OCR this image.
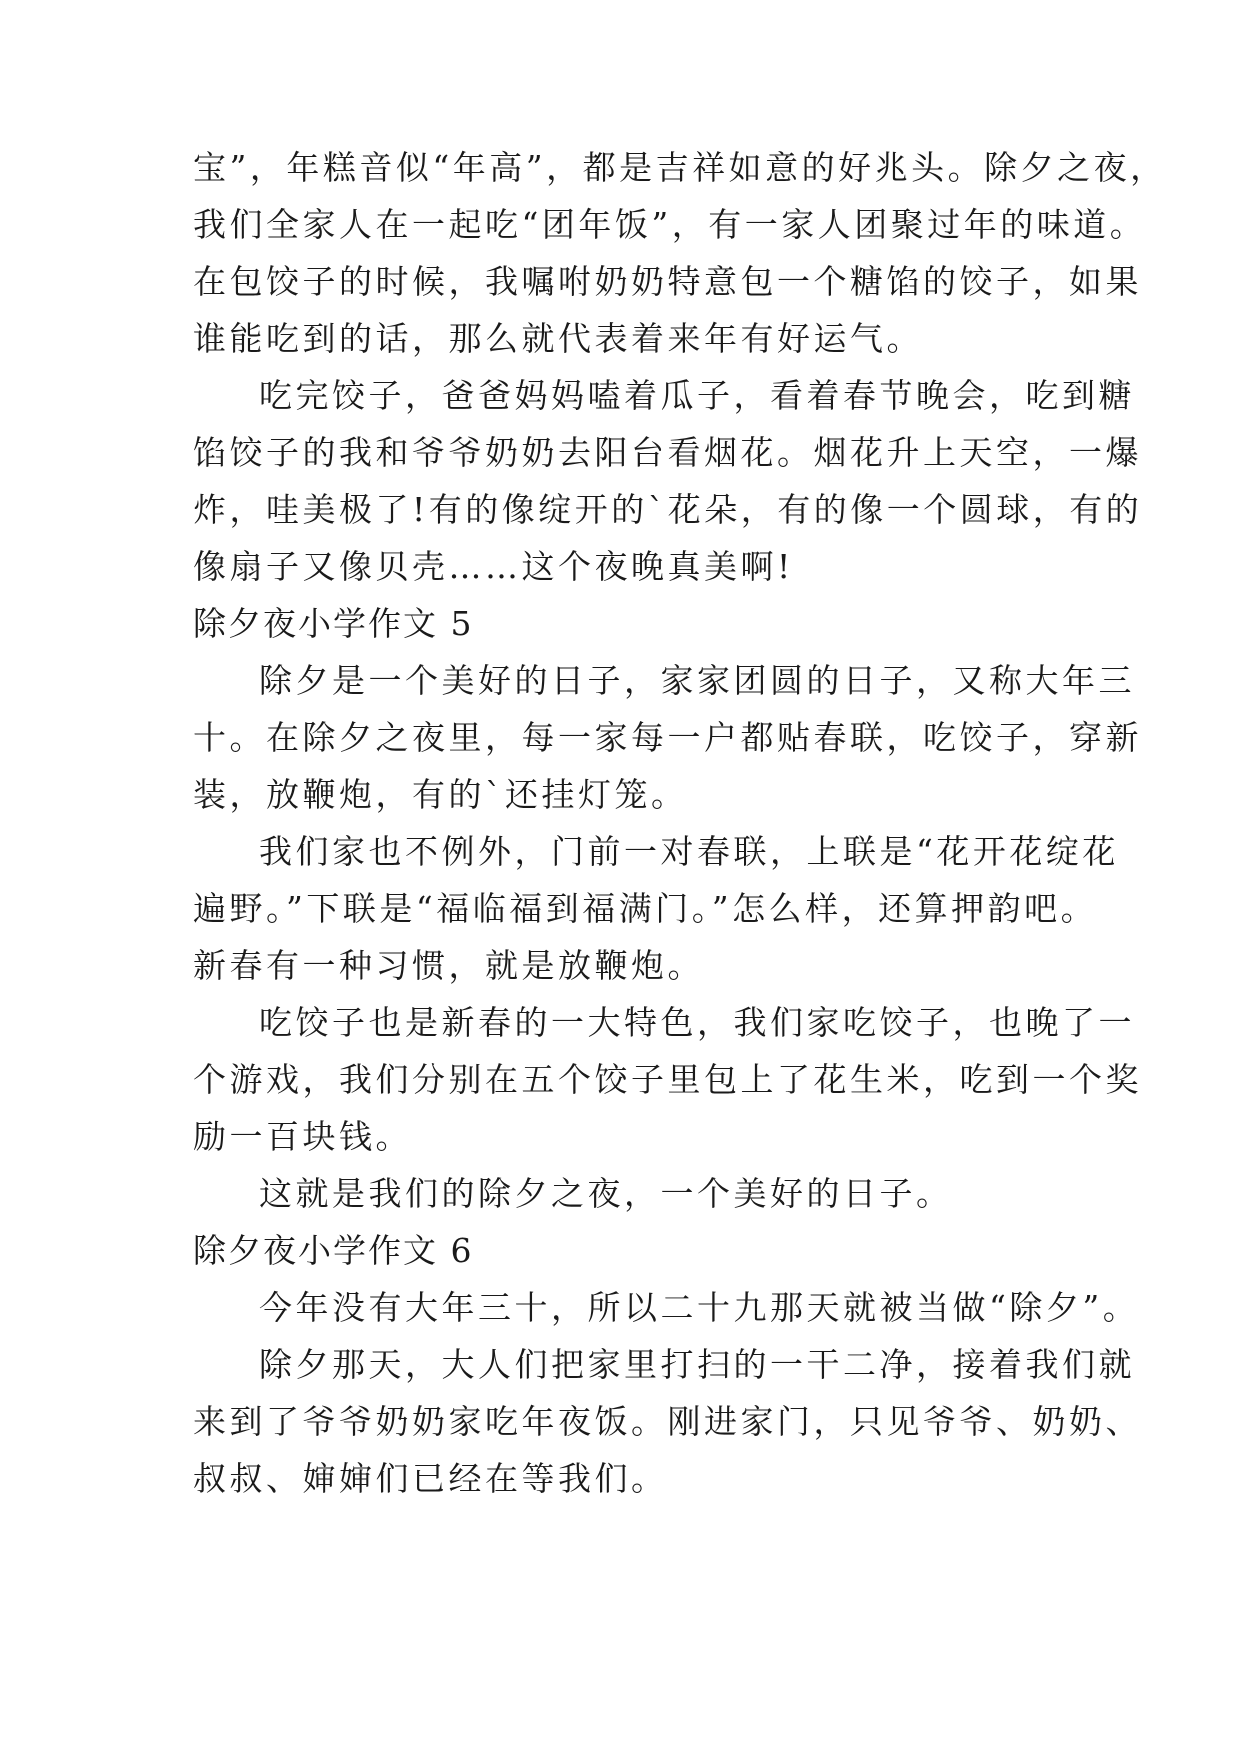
宝”，年糕音似“年高”，都是吉祥如意的好兆头。除夕之夜，
我们全家人在一起吃“团年饭”，有一家人团聚过年的味道。
在包饺子的时候，我嘱咐奶奶特意包一个糖馅的饺子，如果
谁能吃到的话，那么就代表着来年有好运气。
吃完饺子，爸爸妈妈嗑着瓜子，看着春节晚会，吃到糖
馅饺子的我和爷爷奶奶去阳台看烟花。烟花升上天空，一爆
炸，哇美极了!有的像绽开的`花朵，有的像一个圆球，有的
像扇子又像贝壳……这个夜晚真美啊!
除夕夜小学作文 5
除夕是一个美好的日子，家家团圆的日子，又称大年三
十。在除夕之夜里，每一家每一户都贴春联，吃饺子，穿新
装，放鞭炮，有的`还挂灯笼。
我们家也不例外，门前一对春联，上联是“花开花绽花
遍野。”下联是“福临福到福满门。”怎么样，还算押韵吧。
新春有一种习惯，就是放鞭炮。
吃饺子也是新春的一大特色，我们家吃饺子，也晚了一
个游戏，我们分别在五个饺子里包上了花生米，吃到一个奖
励一百块钱。
这就是我们的除夕之夜，一个美好的日子。
除夕夜小学作文 6
今年没有大年三十，所以二十九那天就被当做“除夕”。
除夕那天，大人们把家里打扫的一干二净，接着我们就
来到了爷爷奶奶家吃年夜饭。刚进家门，只见爷爷、奶奶、
叔叔、婶婶们已经在等我们。
